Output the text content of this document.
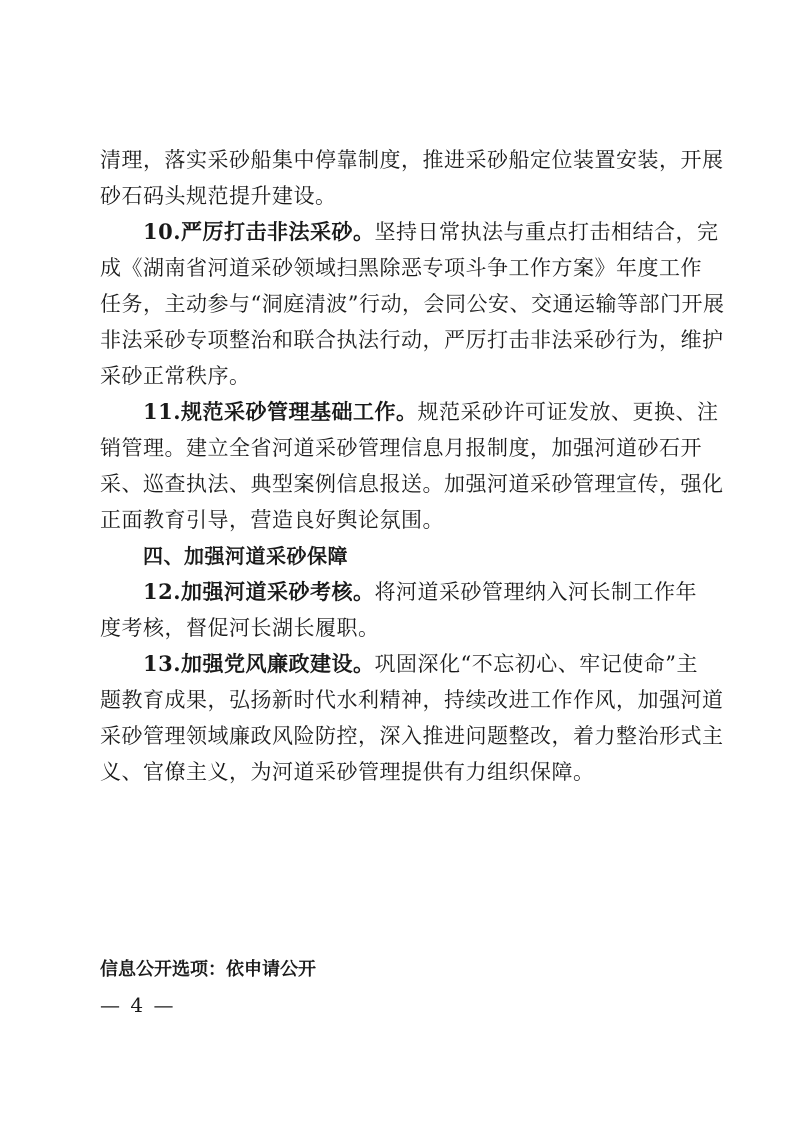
清理，落实采砂船集中停靠制度，推进采砂船定位装置安装，开展
砂石码头规范提升建设。
10.严厉打击非法采砂。坚持日常执法与重点打击相结合，完
成《湖南省河道采砂领域扫黑除恶专项斗争工作方案》年度工作
任务，主动参与“洞庭清波”行动，会同公安、交通运输等部门开展
非法采砂专项整治和联合执法行动，严厉打击非法采砂行为，维护
采砂正常秩序。
11.规范采砂管理基础工作。规范采砂许可证发放、更换、注
销管理。建立全省河道采砂管理信息月报制度，加强河道砂石开
采、巡查执法、典型案例信息报送。加强河道采砂管理宣传，强化
正面教育引导，营造良好舆论氛围。
四、加强河道采砂保障
12.加强河道采砂考核。将河道采砂管理纳入河长制工作年
度考核，督促河长湖长履职。
13.加强党风廉政建设。巩固深化“不忘初心、牢记使命”主
题教育成果，弘扬新时代水利精神，持续改进工作作风，加强河道
采砂管理领域廉政风险防控，深入推进问题整改，着力整治形式主
义、官僚主义，为河道采砂管理提供有力组织保障。
信息公开选项：依申请公开
— 4 —
